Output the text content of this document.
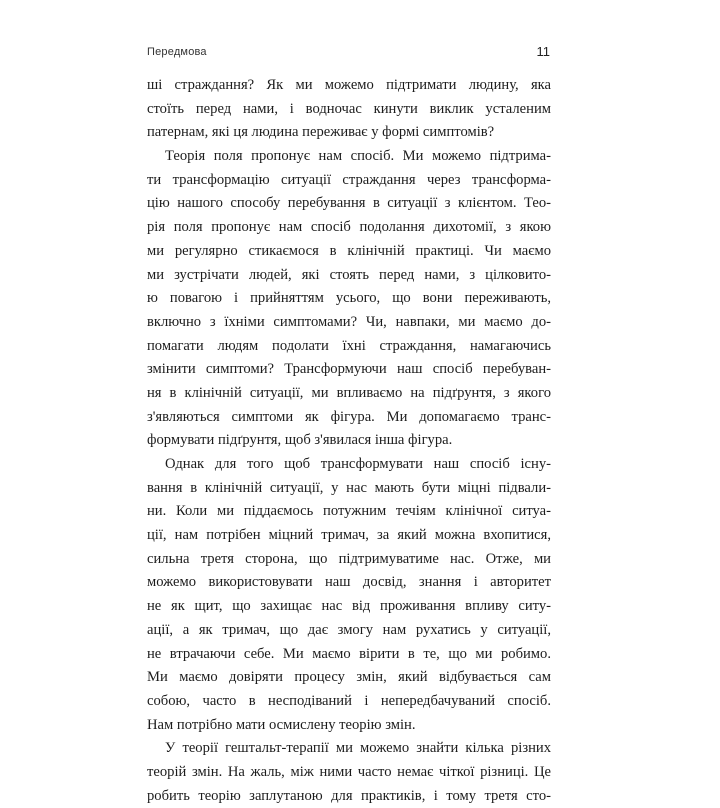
Передмова	11
ші страждання? Як ми можемо підтримати людину, яка
стоїть перед нами, і водночас кинути виклик усталеним
патернам, які ця людина переживає у формі симптомів?
Теорія поля пропонує нам спосіб. Ми можемо підтрима-
ти трансформацію ситуації страждання через трансформа-
цію нашого способу перебування в ситуації з клієнтом. Тео-
рія поля пропонує нам спосіб подолання дихотомії, з якою
ми регулярно стикаємося в клінічній практиці. Чи маємо
ми зустрічати людей, які стоять перед нами, з цілковито-
ю повагою і прийняттям усього, що вони переживають,
включно з їхніми симптомами? Чи, навпаки, ми маємо до-
помагати людям подолати їхні страждання, намагаючись
змінити симптоми? Трансформуючи наш спосіб перебуван-
ня в клінічній ситуації, ми впливаємо на підґрунтя, з якого
з'являються симптоми як фігура. Ми допомагаємо транс-
формувати підґрунтя, щоб з'явилася інша фігура.
Однак для того щоб трансформувати наш спосіб існу-
вання в клінічній ситуації, у нас мають бути міцні підвали-
ни. Коли ми піддаємось потужним течіям клінічної ситуа-
ції, нам потрібен міцний тримач, за який можна вхопитися,
сильна третя сторона, що підтримуватиме нас. Отже, ми
можемо використовувати наш досвід, знання і авторитет
не як щит, що захищає нас від проживання впливу ситу-
ації, а як тримач, що дає змогу нам рухатись у ситуації,
не втрачаючи себе. Ми маємо вірити в те, що ми робимо.
Ми маємо довіряти процесу змін, який відбувається сам
собою, часто в несподіваний і непередбачуваний спосіб.
Нам потрібно мати осмислену теорію змін.
У теорії гештальт-терапії ми можемо знайти кілька різних
теорій змін. На жаль, між ними часто немає чіткої різниці. Це
робить теорію заплутаною для практиків, і тому третя сто-
